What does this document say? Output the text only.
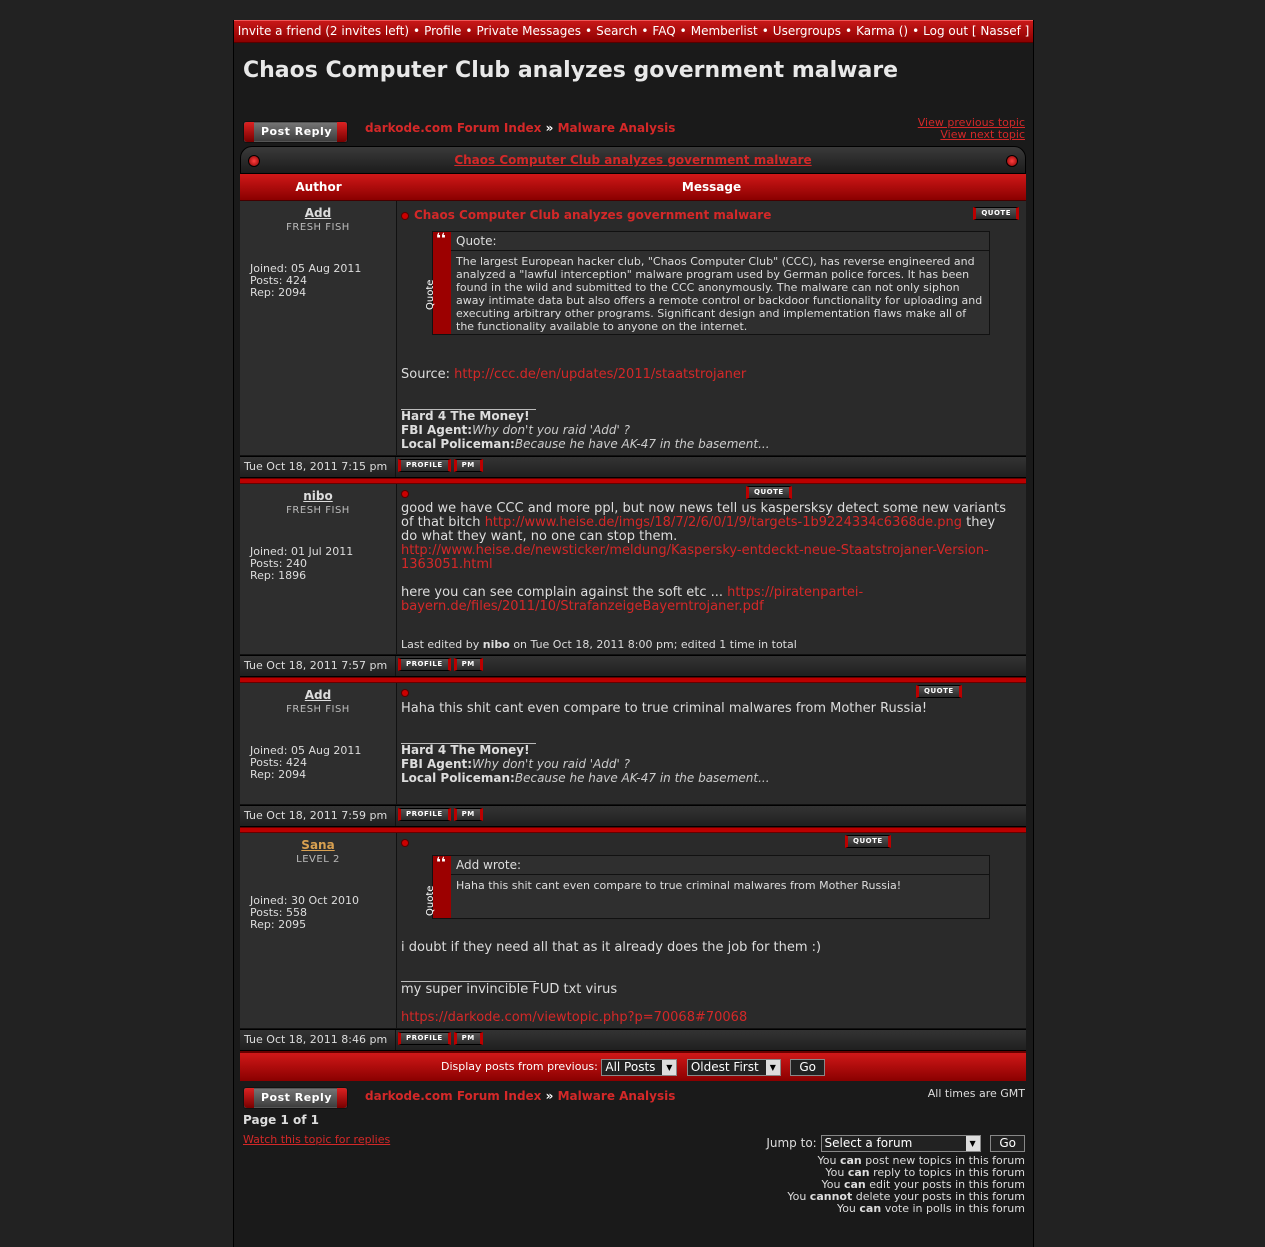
Invite a friend (2 invites left) • Profile • Private Messages • Search • FAQ • Memberlist • Usergroups • Karma () • Log out [ Nassef ]
Chaos Computer Club analyzes government malware
Post Reply	darkode.com Forum Index » Malware Analysis	View previous topic
View next topic
Chaos Computer Club analyzes government malware
Author	Message
Add
FRESH FISH
Joined: 05 Aug 2011
Posts: 424
Rep: 2094
Chaos Computer Club analyzes government malware	QUOTE
❛❛
Quote
Quote:
The largest European hacker club, "Chaos Computer Club" (CCC), has reverse engineered and analyzed a "lawful interception" malware program used by German police forces. It has been found in the wild and submitted to the CCC anonymously. The malware can not only siphon away intimate data but also offers a remote control or backdoor functionality for uploading and executing arbitrary other programs. Significant design and implementation flaws make all of the functionality available to anyone on the internet.
Source: http://ccc.de/en/updates/2011/staatstrojaner
Hard 4 The Money!
FBI Agent:Why don't you raid 'Add' ?
Local Policeman:Because he have AK-47 in the basement...
Tue Oct 18, 2011 7:15 pm	PROFILE	PM
nibo
FRESH FISH
Joined: 01 Jul 2011
Posts: 240
Rep: 1896
QUOTE
good we have CCC and more ppl, but now news tell us kaspersksy detect some new variants of that bitch http://www.heise.de/imgs/18/7/2/6/0/1/9/targets-1b9224334c6368de.png they do what they want, no one can stop them. http://www.heise.de/newsticker/meldung/Kaspersky-entdeckt-neue-Staatstrojaner-Version-1363051.html
here you can see complain against the soft etc ... https://piratenpartei-bayern.de/files/2011/10/StrafanzeigeBayerntrojaner.pdf
Last edited by nibo on Tue Oct 18, 2011 8:00 pm; edited 1 time in total
Tue Oct 18, 2011 7:57 pm	PROFILE	PM
Add
FRESH FISH
Joined: 05 Aug 2011
Posts: 424
Rep: 2094
QUOTE
Haha this shit cant even compare to true criminal malwares from Mother Russia!
Hard 4 The Money!
FBI Agent:Why don't you raid 'Add' ?
Local Policeman:Because he have AK-47 in the basement...
Tue Oct 18, 2011 7:59 pm	PROFILE	PM
Sana
LEVEL 2
Joined: 30 Oct 2010
Posts: 558
Rep: 2095
QUOTE
❛❛
Quote
Add wrote:
Haha this shit cant even compare to true criminal malwares from Mother Russia!
i doubt if they need all that as it already does the job for them :)
my super invincible FUD txt virus
https://darkode.com/viewtopic.php?p=70068#70068
Tue Oct 18, 2011 8:46 pm	PROFILE	PM
Display posts from previous: All Posts	▼	Oldest First	▼	Go
Post Reply	darkode.com Forum Index » Malware Analysis	All times are GMT
Page 1 of 1
Watch this topic for replies	Jump to: Select a forum	▼	Go
You can post new topics in this forum
You can reply to topics in this forum
You can edit your posts in this forum
You cannot delete your posts in this forum
You can vote in polls in this forum
